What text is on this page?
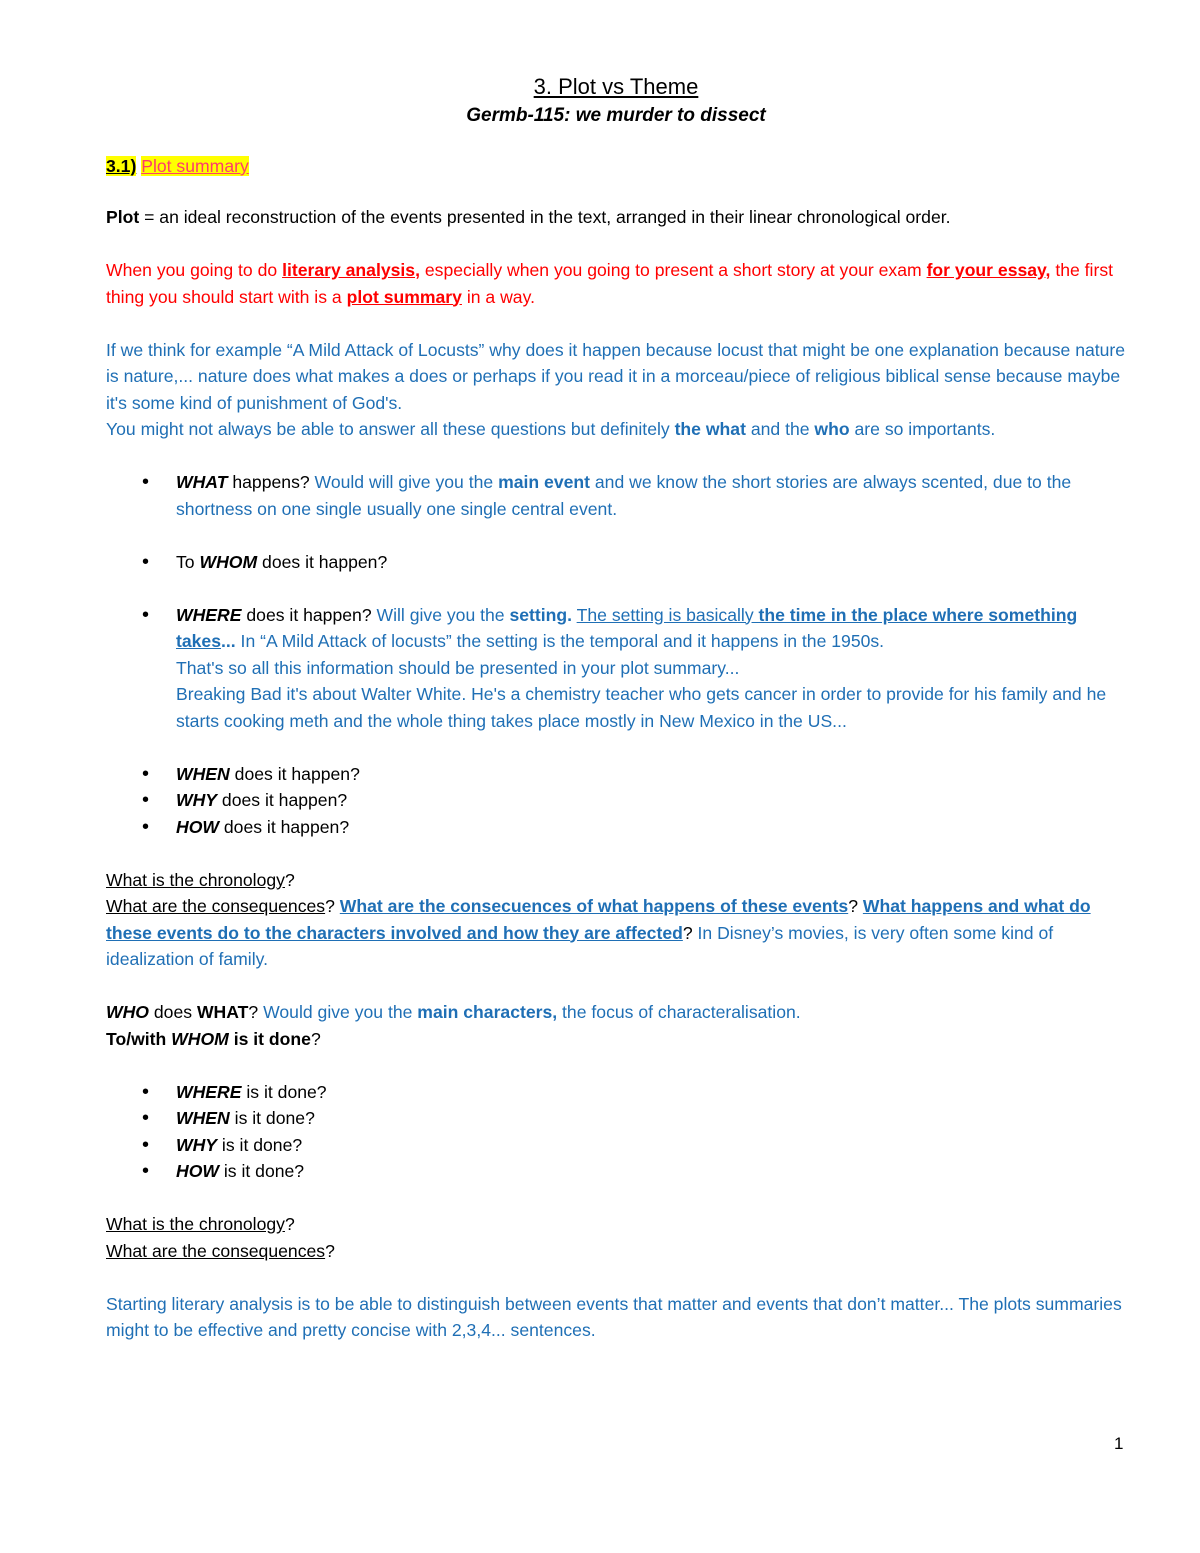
3. Plot vs Theme
Germb-115: we murder to dissect
3.1) Plot summary

Plot = an ideal reconstruction of the events presented in the text, arranged in their linear chronological order.

When you going to do literary analysis, especially when you going to present a short story at your exam for your essay, the first thing you should start with is a plot summary in a way.

If we think for example “A Mild Attack of Locusts” why does it happen because locust that might be one explanation because nature is nature,... nature does what makes a does or perhaps if you read it in a morceau/piece of religious biblical sense because maybe it's some kind of punishment of God's.

You might not always be able to answer all these questions but definitely the what and the who are so importants.

• WHAT happens? Would will give you the main event and we know the short stories are always scented, due to the shortness on one single usually one single central event.
• To WHOM does it happen?
• WHERE does it happen? Will give you the setting. The setting is basically the time in the place where something takes... In “A Mild Attack of locusts” the setting is the temporal and it happens in the 1950s.
That's so all this information should be presented in your plot summary...
Breaking Bad it's about Walter White. He's a chemistry teacher who gets cancer in order to provide for his family and he starts cooking meth and the whole thing takes place mostly in New Mexico in the US...
• WHEN does it happen?
• WHY does it happen?
• HOW does it happen?

What is the chronology?

What are the consequences? What are the consecuences of what happens of these events? What happens and what do these events do to the characters involved and how they are affected? In Disney’s movies, is very often some kind of idealization of family.

WHO does WHAT? Would give you the main characters, the focus of characteralisation.

To/with WHOM is it done?

• WHERE is it done?
• WHEN is it done?
• WHY is it done?
• HOW is it done?

What is the chronology?

What are the consequences?

Starting literary analysis is to be able to distinguish between events that matter and events that don’t matter... The plots summaries might to be effective and pretty concise with 2,3,4... sentences.

1
